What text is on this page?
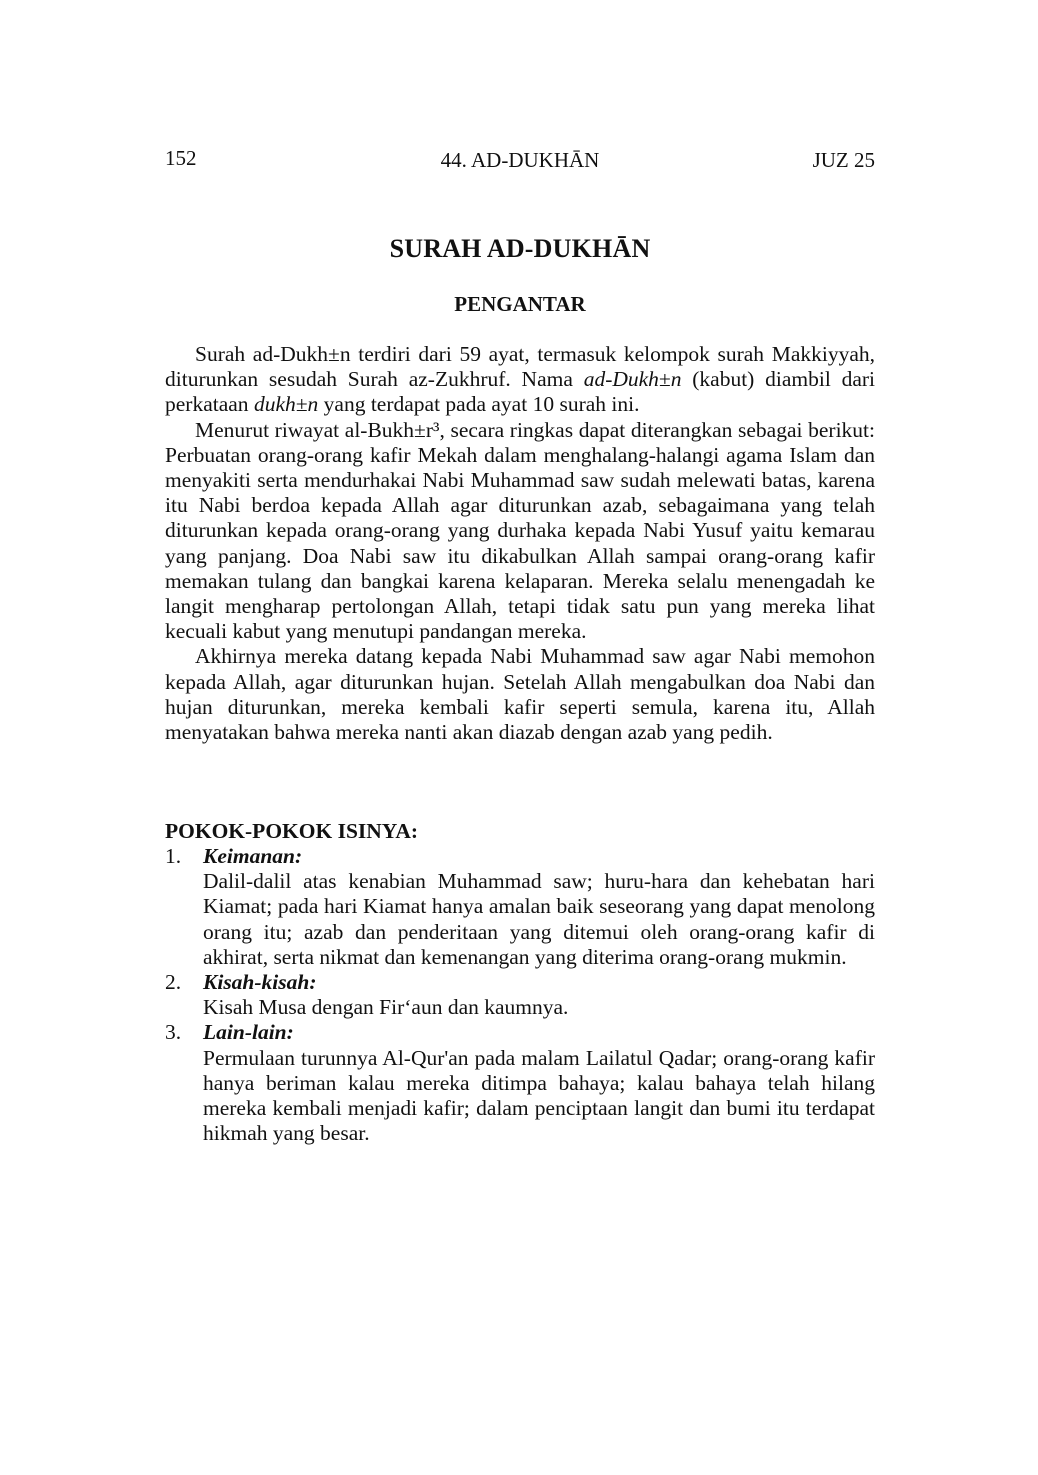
152	44. AD-DUKHĀN	JUZ 25
SURAH AD-DUKHĀN
PENGANTAR

Surah ad-Dukh±n terdiri dari 59 ayat, termasuk kelompok surah Makkiyyah, diturunkan sesudah Surah az-Zukhruf. Nama ad-Dukh±n (kabut) diambil dari perkataan dukh±n yang terdapat pada ayat 10 surah ini.

Menurut riwayat al-Bukh±r³, secara ringkas dapat diterangkan sebagai berikut: Perbuatan orang-orang kafir Mekah dalam menghalang-halangi agama Islam dan menyakiti serta mendurhakai Nabi Muhammad saw sudah melewati batas, karena itu Nabi berdoa kepada Allah agar diturunkan azab, sebagaimana yang telah diturunkan kepada orang-orang yang durhaka kepada Nabi Yusuf yaitu kemarau yang panjang. Doa Nabi saw itu dikabulkan Allah sampai orang-orang kafir memakan tulang dan bangkai karena kelaparan. Mereka selalu menengadah ke langit mengharap pertolongan Allah, tetapi tidak satu pun yang mereka lihat kecuali kabut yang menutupi pandangan mereka.

Akhirnya mereka datang kepada Nabi Muhammad saw agar Nabi memohon kepada Allah, agar diturunkan hujan. Setelah Allah mengabulkan doa Nabi dan hujan diturunkan, mereka kembali kafir seperti semula, karena itu, Allah menyatakan bahwa mereka nanti akan diazab dengan azab yang pedih.

POKOK-POKOK ISINYA:
1. Keimanan:
Dalil-dalil atas kenabian Muhammad saw; huru-hara dan kehebatan hari Kiamat; pada hari Kiamat hanya amalan baik seseorang yang dapat menolong orang itu; azab dan penderitaan yang ditemui oleh orang-orang kafir di akhirat, serta nikmat dan kemenangan yang diterima orang-orang mukmin.
2. Kisah-kisah:
Kisah Musa dengan Fir‘aun dan kaumnya.
3. Lain-lain:
Permulaan turunnya Al-Qur'an pada malam Lailatul Qadar; orang-orang kafir hanya beriman kalau mereka ditimpa bahaya; kalau bahaya telah hilang mereka kembali menjadi kafir; dalam penciptaan langit dan bumi itu terdapat hikmah yang besar.
